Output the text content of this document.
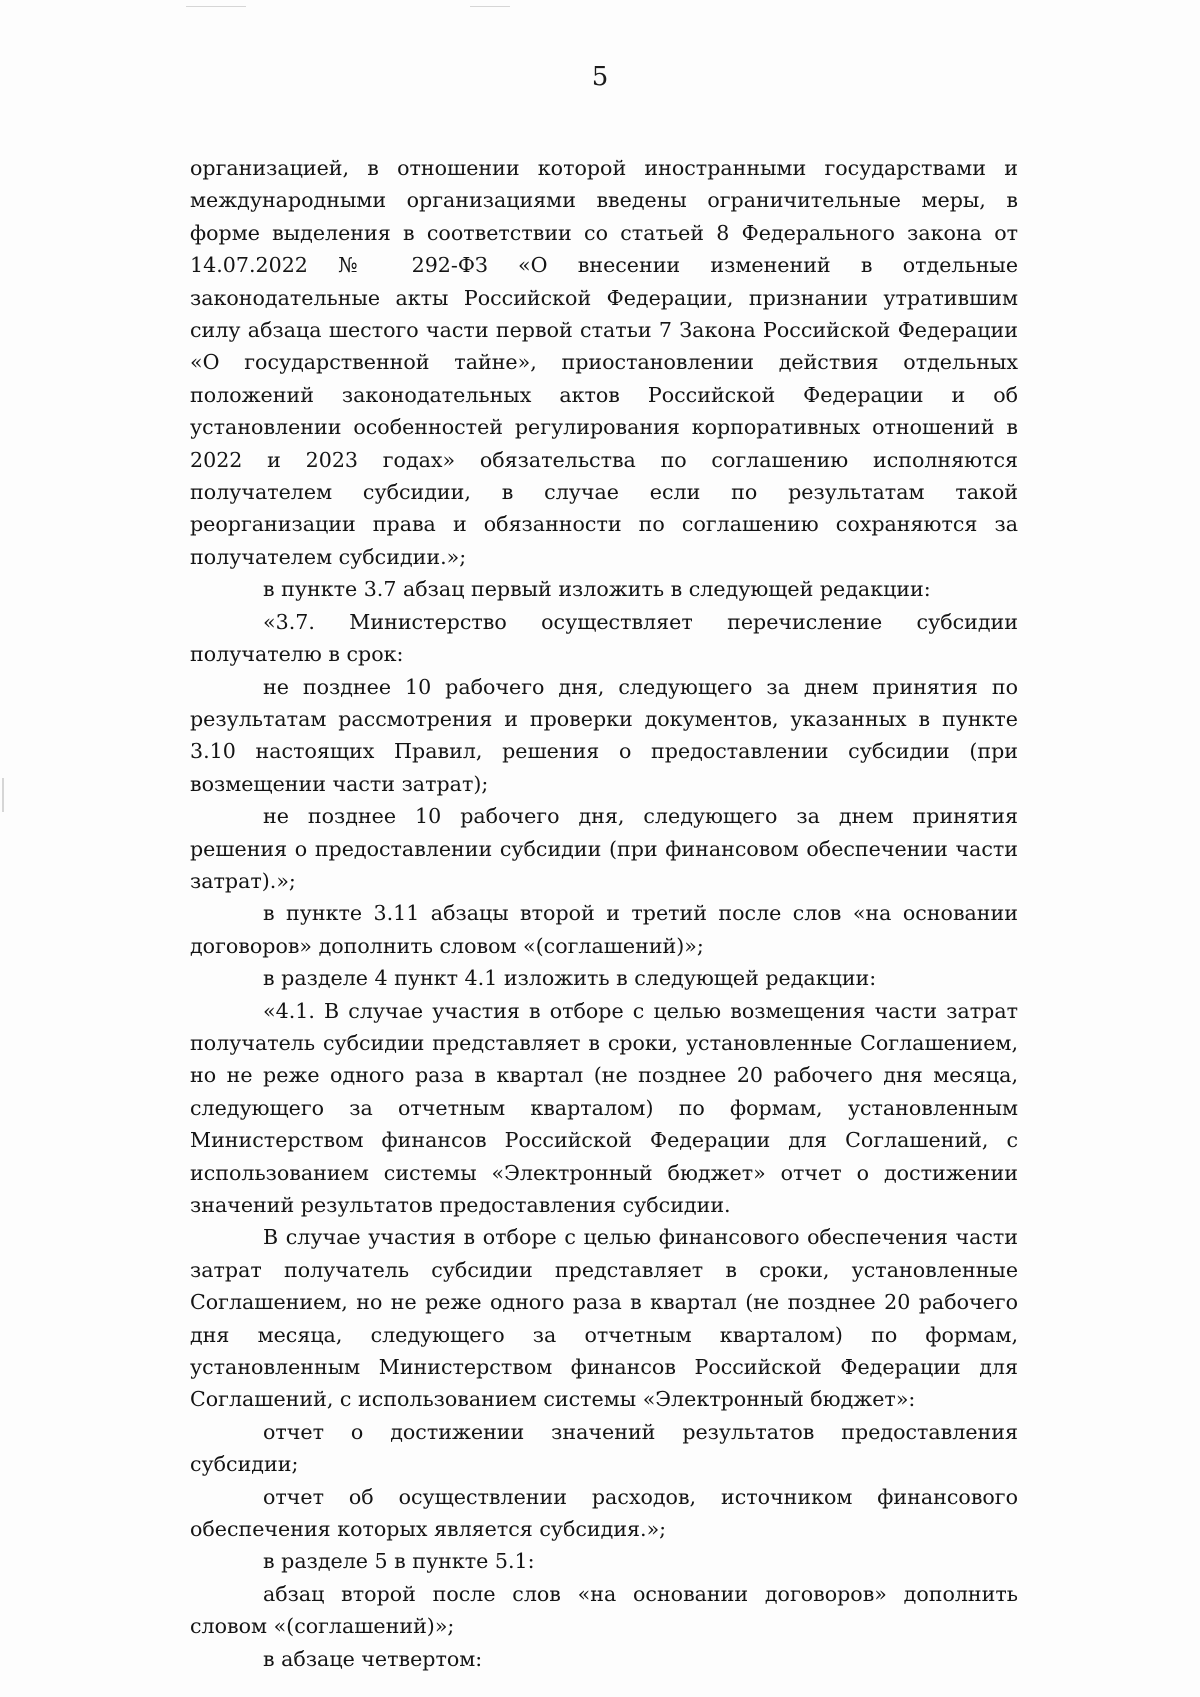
5

организацией, в отношении которой иностранными государствами и международными организациями введены ограничительные меры, в форме выделения в соответствии со статьей 8 Федерального закона от 14.07.2022 № 292-ФЗ «О внесении изменений в отдельные законодательные акты Российской Федерации, признании утратившим силу абзаца шестого части первой статьи 7 Закона Российской Федерации «О государственной тайне», приостановлении действия отдельных положений законодательных актов Российской Федерации и об установлении особенностей регулирования корпоративных отношений в 2022 и 2023 годах» обязательства по соглашению исполняются получателем субсидии, в случае если по результатам такой реорганизации права и обязанности по соглашению сохраняются за получателем субсидии.»;

в пункте 3.7 абзац первый изложить в следующей редакции:

«3.7. Министерство осуществляет перечисление субсидии получателю в срок:

не позднее 10 рабочего дня, следующего за днем принятия по результатам рассмотрения и проверки документов, указанных в пункте 3.10 настоящих Правил, решения о предоставлении субсидии (при возмещении части затрат);

не позднее 10 рабочего дня, следующего за днем принятия решения о предоставлении субсидии (при финансовом обеспечении части затрат).»;

в пункте 3.11 абзацы второй и третий после слов «на основании договоров» дополнить словом «(соглашений)»;

в разделе 4 пункт 4.1 изложить в следующей редакции:

«4.1. В случае участия в отборе с целью возмещения части затрат получатель субсидии представляет в сроки, установленные Соглашением, но не реже одного раза в квартал (не позднее 20 рабочего дня месяца, следующего за отчетным кварталом) по формам, установленным Министерством финансов Российской Федерации для Соглашений, с использованием системы «Электронный бюджет» отчет о достижении значений результатов предоставления субсидии.

В случае участия в отборе с целью финансового обеспечения части затрат получатель субсидии представляет в сроки, установленные Соглашением, но не реже одного раза в квартал (не позднее 20 рабочего дня месяца, следующего за отчетным кварталом) по формам, установленным Министерством финансов Российской Федерации для Соглашений, с использованием системы «Электронный бюджет»:

отчет о достижении значений результатов предоставления субсидии;

отчет об осуществлении расходов, источником финансового обеспечения которых является субсидия.»;

в разделе 5 в пункте 5.1:

абзац второй после слов «на основании договоров» дополнить словом «(соглашений)»;

в абзаце четвертом:
